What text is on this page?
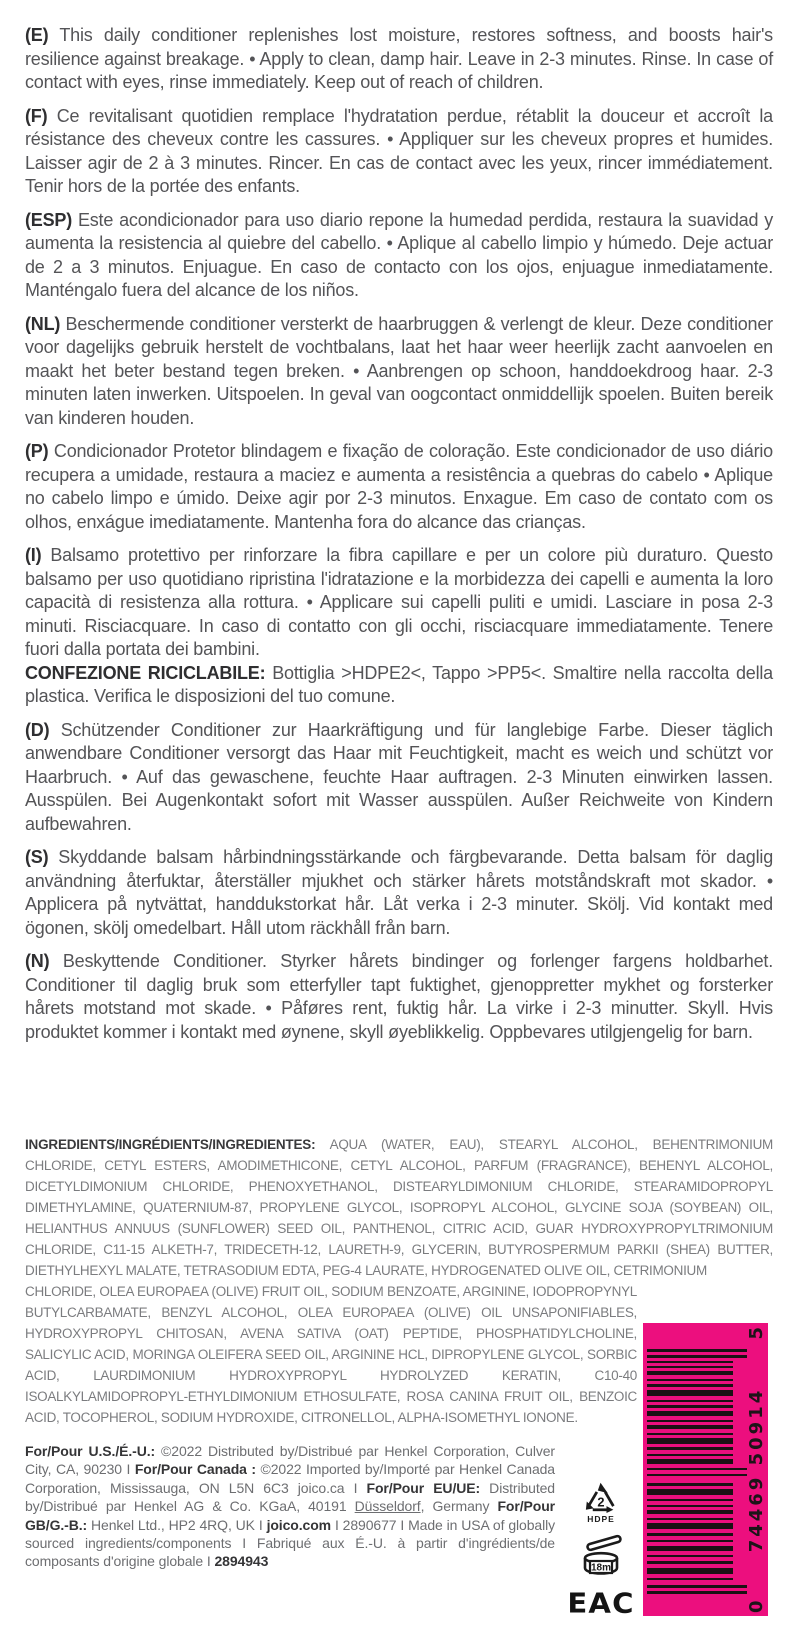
(E) This daily conditioner replenishes lost moisture, restores softness, and boosts hair's resilience against breakage. • Apply to clean, damp hair. Leave in 2-3 minutes. Rinse. In case of contact with eyes, rinse immediately. Keep out of reach of children.

(F) Ce revitalisant quotidien remplace l'hydratation perdue, rétablit la douceur et accroît la résistance des cheveux contre les cassures. • Appliquer sur les cheveux propres et humides. Laisser agir de 2 à 3 minutes. Rincer. En cas de contact avec les yeux, rincer immédiatement. Tenir hors de la portée des enfants.

(ESP) Este acondicionador para uso diario repone la humedad perdida, restaura la suavidad y aumenta la resistencia al quiebre del cabello. • Aplique al cabello limpio y húmedo. Deje actuar de 2 a 3 minutos. Enjuague. En caso de contacto con los ojos, enjuague inmediatamente. Manténgalo fuera del alcance de los niños.

(NL) Beschermende conditioner versterkt de haarbruggen & verlengt de kleur. Deze conditioner voor dagelijks gebruik herstelt de vochtbalans, laat het haar weer heerlijk zacht aanvoelen en maakt het beter bestand tegen breken. • Aanbrengen op schoon, handdoekdroog haar. 2-3 minuten laten inwerken. Uitspoelen. In geval van oogcontact onmiddellijk spoelen. Buiten bereik van kinderen houden.

(P) Condicionador Protetor blindagem e fixação de coloração. Este condicionador de uso diário recupera a umidade, restaura a maciez e aumenta a resistência a quebras do cabelo • Aplique no cabelo limpo e úmido. Deixe agir por 2-3 minutos. Enxague. Em caso de contato com os olhos, enxágue imediatamente. Mantenha fora do alcance das crianças.

(I) Balsamo protettivo per rinforzare la fibra capillare e per un colore più duraturo. Questo balsamo per uso quotidiano ripristina l'idratazione e la morbidezza dei capelli e aumenta la loro capacità di resistenza alla rottura. • Applicare sui capelli puliti e umidi. Lasciare in posa 2-3 minuti. Risciacquare. In caso di contatto con gli occhi, risciacquare immediatamente. Tenere fuori dalla portata dei bambini.

CONFEZIONE RICICLABILE: Bottiglia >HDPE2<, Tappo >PP5<. Smaltire nella raccolta della plastica. Verifica le disposizioni del tuo comune.

(D) Schützender Conditioner zur Haarkräftigung und für langlebige Farbe. Dieser täglich anwendbare Conditioner versorgt das Haar mit Feuchtigkeit, macht es weich und schützt vor Haarbruch. • Auf das gewaschene, feuchte Haar auftragen. 2-3 Minuten einwirken lassen. Ausspülen. Bei Augenkontakt sofort mit Wasser ausspülen. Außer Reichweite von Kindern aufbewahren.

(S) Skyddande balsam hårbindningsstärkande och färgbevarande. Detta balsam för daglig användning återfuktar, återställer mjukhet och stärker hårets motståndskraft mot skador. • Applicera på nytvättat, handdukstorkat hår. Låt verka i 2-3 minuter. Skölj. Vid kontakt med ögonen, skölj omedelbart. Håll utom räckhåll från barn.

(N) Beskyttende Conditioner. Styrker hårets bindinger og forlenger fargens holdbarhet. Conditioner til daglig bruk som etterfyller tapt fuktighet, gjenoppretter mykhet og forsterker hårets motstand mot skade. • Påføres rent, fuktig hår. La virke i 2-3 minutter. Skyll. Hvis produktet kommer i kontakt med øynene, skyll øyeblikkelig. Oppbevares utilgjengelig for barn.

INGREDIENTS/INGRÉDIENTS/INGREDIENTES: AQUA (WATER, EAU), STEARYL ALCOHOL, BEHENTRIMONIUM CHLORIDE, CETYL ESTERS, AMODIMETHICONE, CETYL ALCOHOL, PARFUM (FRAGRANCE), BEHENYL ALCOHOL, DICETYLDIMONIUM CHLORIDE, PHENOXYETHANOL, DISTEARYLDIMONIUM CHLORIDE, STEARAMIDOPROPYL DIMETHYLAMINE, QUATERNIUM-87, PROPYLENE GLYCOL, ISOPROPYL ALCOHOL, GLYCINE SOJA (SOYBEAN) OIL, HELIANTHUS ANNUUS (SUNFLOWER) SEED OIL, PANTHENOL, CITRIC ACID, GUAR HYDROXYPROPYLTRIMONIUM CHLORIDE, C11-15 ALKETH-7, TRIDECETH-12, LAURETH-9, GLYCERIN, BUTYROSPERMUM PARKII (SHEA) BUTTER, DIETHYLHEXYL MALATE, TETRASODIUM EDTA, PEG-4 LAURATE, HYDROGENATED OLIVE OIL, CETRIMONIUM

CHLORIDE, OLEA EUROPAEA (OLIVE) FRUIT OIL, SODIUM BENZOATE, ARGININE, IODOPROPYNYL BUTYLCARBAMATE, BENZYL ALCOHOL, OLEA EUROPAEA (OLIVE) OIL UNSAPONIFIABLES, HYDROXYPROPYL CHITOSAN, AVENA SATIVA (OAT) PEPTIDE, PHOSPHATIDYLCHOLINE, SALICYLIC ACID, MORINGA OLEIFERA SEED OIL, ARGININE HCL, DIPROPYLENE GLYCOL, SORBIC ACID, LAURDIMONIUM HYDROXYPROPYL HYDROLYZED KERATIN, C10-40 ISOALKYLAMIDOPROPYL-ETHYLDIMONIUM ETHOSULFATE, ROSA CANINA FRUIT OIL, BENZOIC ACID, TOCOPHEROL, SODIUM HYDROXIDE, CITRONELLOL, ALPHA-ISOMETHYL IONONE.

For/Pour U.S./É.-U.: ©2022 Distributed by/Distribué par Henkel Corporation, Culver City, CA, 90230 I For/Pour Canada : ©2022 Imported by/Importé par Henkel Canada Corporation, Mississauga, ON L5N 6C3 joico.ca I For/Pour EU/UE: Distributed by/Distribué par Henkel AG & Co. KGaA, 40191 Düsseldorf, Germany For/Pour GB/G.-B.: Henkel Ltd., HP2 4RQ, UK I joico.com I 2890677 I Made in USA of globally sourced ingredients/components I Fabriqué aux É.-U. à partir d'ingrédients/de composants d'origine globale I 2894943

2
HDPE
18m
EAC	0
74469 50914
5
